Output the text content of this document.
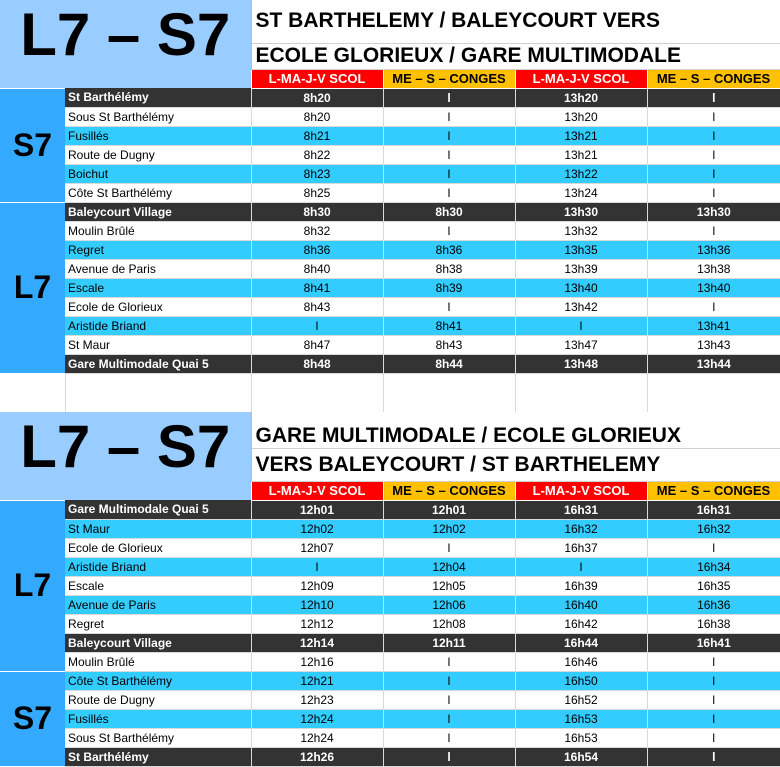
L7 – S7		ST BARTHELEMY / BALEYCOURT VERS			
		ECOLE GLORIEUX / GARE MULTIMODALE			
		L-MA-J-V SCOL	ME – S – CONGES	L-MA-J-V SCOL	ME – S – CONGES
S7	St Barthélémy	8h20	l	13h20	l
	Sous St Barthélémy	8h20	l	13h20	l
	Fusillés	8h21	l	13h21	l
	Route de Dugny	8h22	l	13h21	l
	Boichut	8h23	l	13h22	l
	Côte St Barthélémy	8h25	l	13h24	l
L7	Baleycourt Village	8h30	8h30	13h30	13h30
	Moulin Brûlé	8h32	l	13h32	l
	Regret	8h36	8h36	13h35	13h36
	Avenue de Paris	8h40	8h38	13h39	13h38
	Escale	8h41	8h39	13h40	13h40
	Ecole de Glorieux	8h43	l	13h42	l
	Aristide Briand	l	8h41	l	13h41
	St Maur	8h47	8h43	13h47	13h43
	Gare Multimodale Quai 5	8h48	8h44	13h48	13h44

L7 – S7		GARE MULTIMODALE / ECOLE GLORIEUX			
		VERS BALEYCOURT / ST BARTHELEMY			
		L-MA-J-V SCOL	ME – S – CONGES	L-MA-J-V SCOL	ME – S – CONGES
L7	Gare Multimodale Quai 5	12h01	12h01	16h31	16h31
	St Maur	12h02	12h02	16h32	16h32
	Ecole de Glorieux	12h07	l	16h37	l
	Aristide Briand	l	12h04	l	16h34
	Escale	12h09	12h05	16h39	16h35
	Avenue de Paris	12h10	12h06	16h40	16h36
	Regret	12h12	12h08	16h42	16h38
	Baleycourt Village	12h14	12h11	16h44	16h41
	Moulin Brûlé	12h16	l	16h46	l
S7	Côte St Barthélémy	12h21	l	16h50	l
	Route de Dugny	12h23	l	16h52	l
	Fusillés	12h24	l	16h53	l
	Sous St Barthélémy	12h24	l	16h53	l
	St Barthélémy	12h26	l	16h54	l
